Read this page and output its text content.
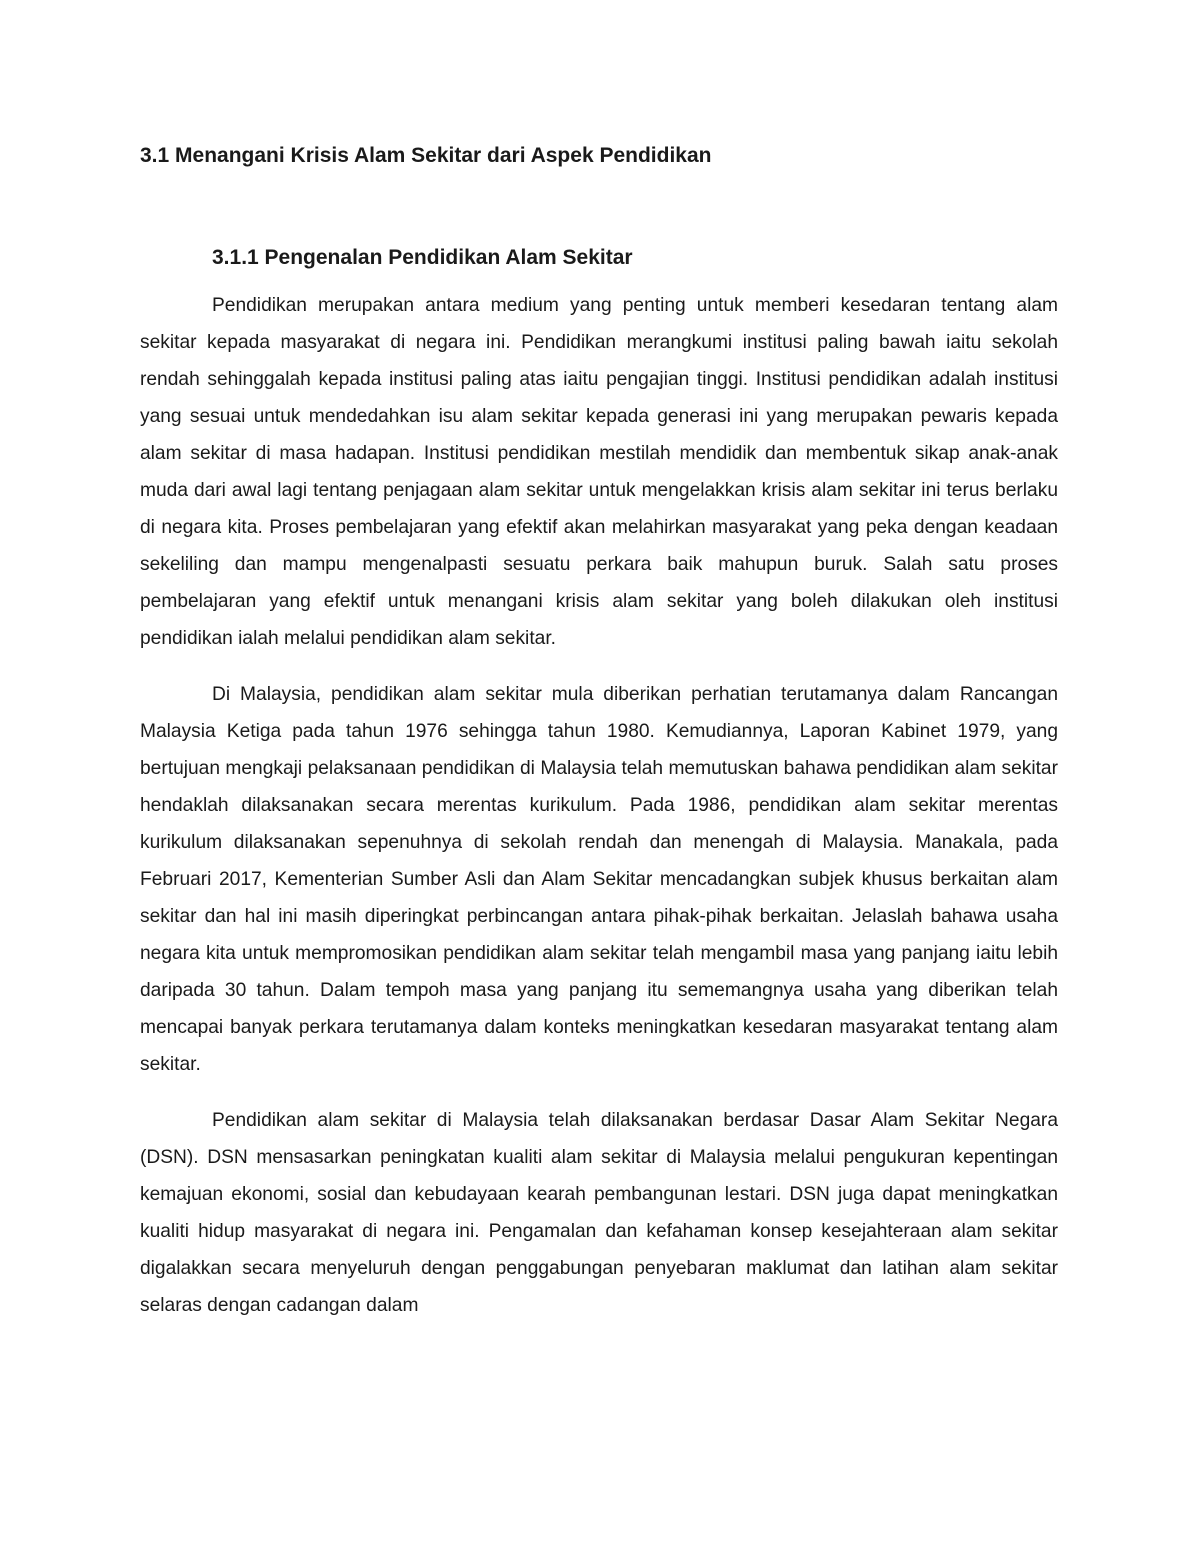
3.1 Menangani Krisis Alam Sekitar dari Aspek Pendidikan
3.1.1 Pengenalan Pendidikan Alam Sekitar

Pendidikan merupakan antara medium yang penting untuk memberi kesedaran tentang alam sekitar kepada masyarakat di negara ini. Pendidikan merangkumi institusi paling bawah iaitu sekolah rendah sehinggalah kepada institusi paling atas iaitu pengajian tinggi. Institusi pendidikan adalah institusi yang sesuai untuk mendedahkan isu alam sekitar kepada generasi ini yang merupakan pewaris kepada alam sekitar di masa hadapan. Institusi pendidikan mestilah mendidik dan membentuk sikap anak-anak muda dari awal lagi tentang penjagaan alam sekitar untuk mengelakkan krisis alam sekitar ini terus berlaku di negara kita. Proses pembelajaran yang efektif akan melahirkan masyarakat yang peka dengan keadaan sekeliling dan mampu mengenalpasti sesuatu perkara baik mahupun buruk. Salah satu proses pembelajaran yang efektif untuk menangani krisis alam sekitar yang boleh dilakukan oleh institusi pendidikan ialah melalui pendidikan alam sekitar.

Di Malaysia, pendidikan alam sekitar mula diberikan perhatian terutamanya dalam Rancangan Malaysia Ketiga pada tahun 1976 sehingga tahun 1980. Kemudiannya, Laporan Kabinet 1979, yang bertujuan mengkaji pelaksanaan pendidikan di Malaysia telah memutuskan bahawa pendidikan alam sekitar hendaklah dilaksanakan secara merentas kurikulum. Pada 1986, pendidikan alam sekitar merentas kurikulum dilaksanakan sepenuhnya di sekolah rendah dan menengah di Malaysia. Manakala, pada Februari 2017, Kementerian Sumber Asli dan Alam Sekitar mencadangkan subjek khusus berkaitan alam sekitar dan hal ini masih diperingkat perbincangan antara pihak-pihak berkaitan. Jelaslah bahawa usaha negara kita untuk mempromosikan pendidikan alam sekitar telah mengambil masa yang panjang iaitu lebih daripada 30 tahun. Dalam tempoh masa yang panjang itu sememangnya usaha yang diberikan telah mencapai banyak perkara terutamanya dalam konteks meningkatkan kesedaran masyarakat tentang alam sekitar.

Pendidikan alam sekitar di Malaysia telah dilaksanakan berdasar Dasar Alam Sekitar Negara (DSN). DSN mensasarkan peningkatan kualiti alam sekitar di Malaysia melalui pengukuran kepentingan kemajuan ekonomi, sosial dan kebudayaan kearah pembangunan lestari. DSN juga dapat meningkatkan kualiti hidup masyarakat di negara ini. Pengamalan dan kefahaman konsep kesejahteraan alam sekitar digalakkan secara menyeluruh dengan penggabungan penyebaran maklumat dan latihan alam sekitar selaras dengan cadangan dalam
